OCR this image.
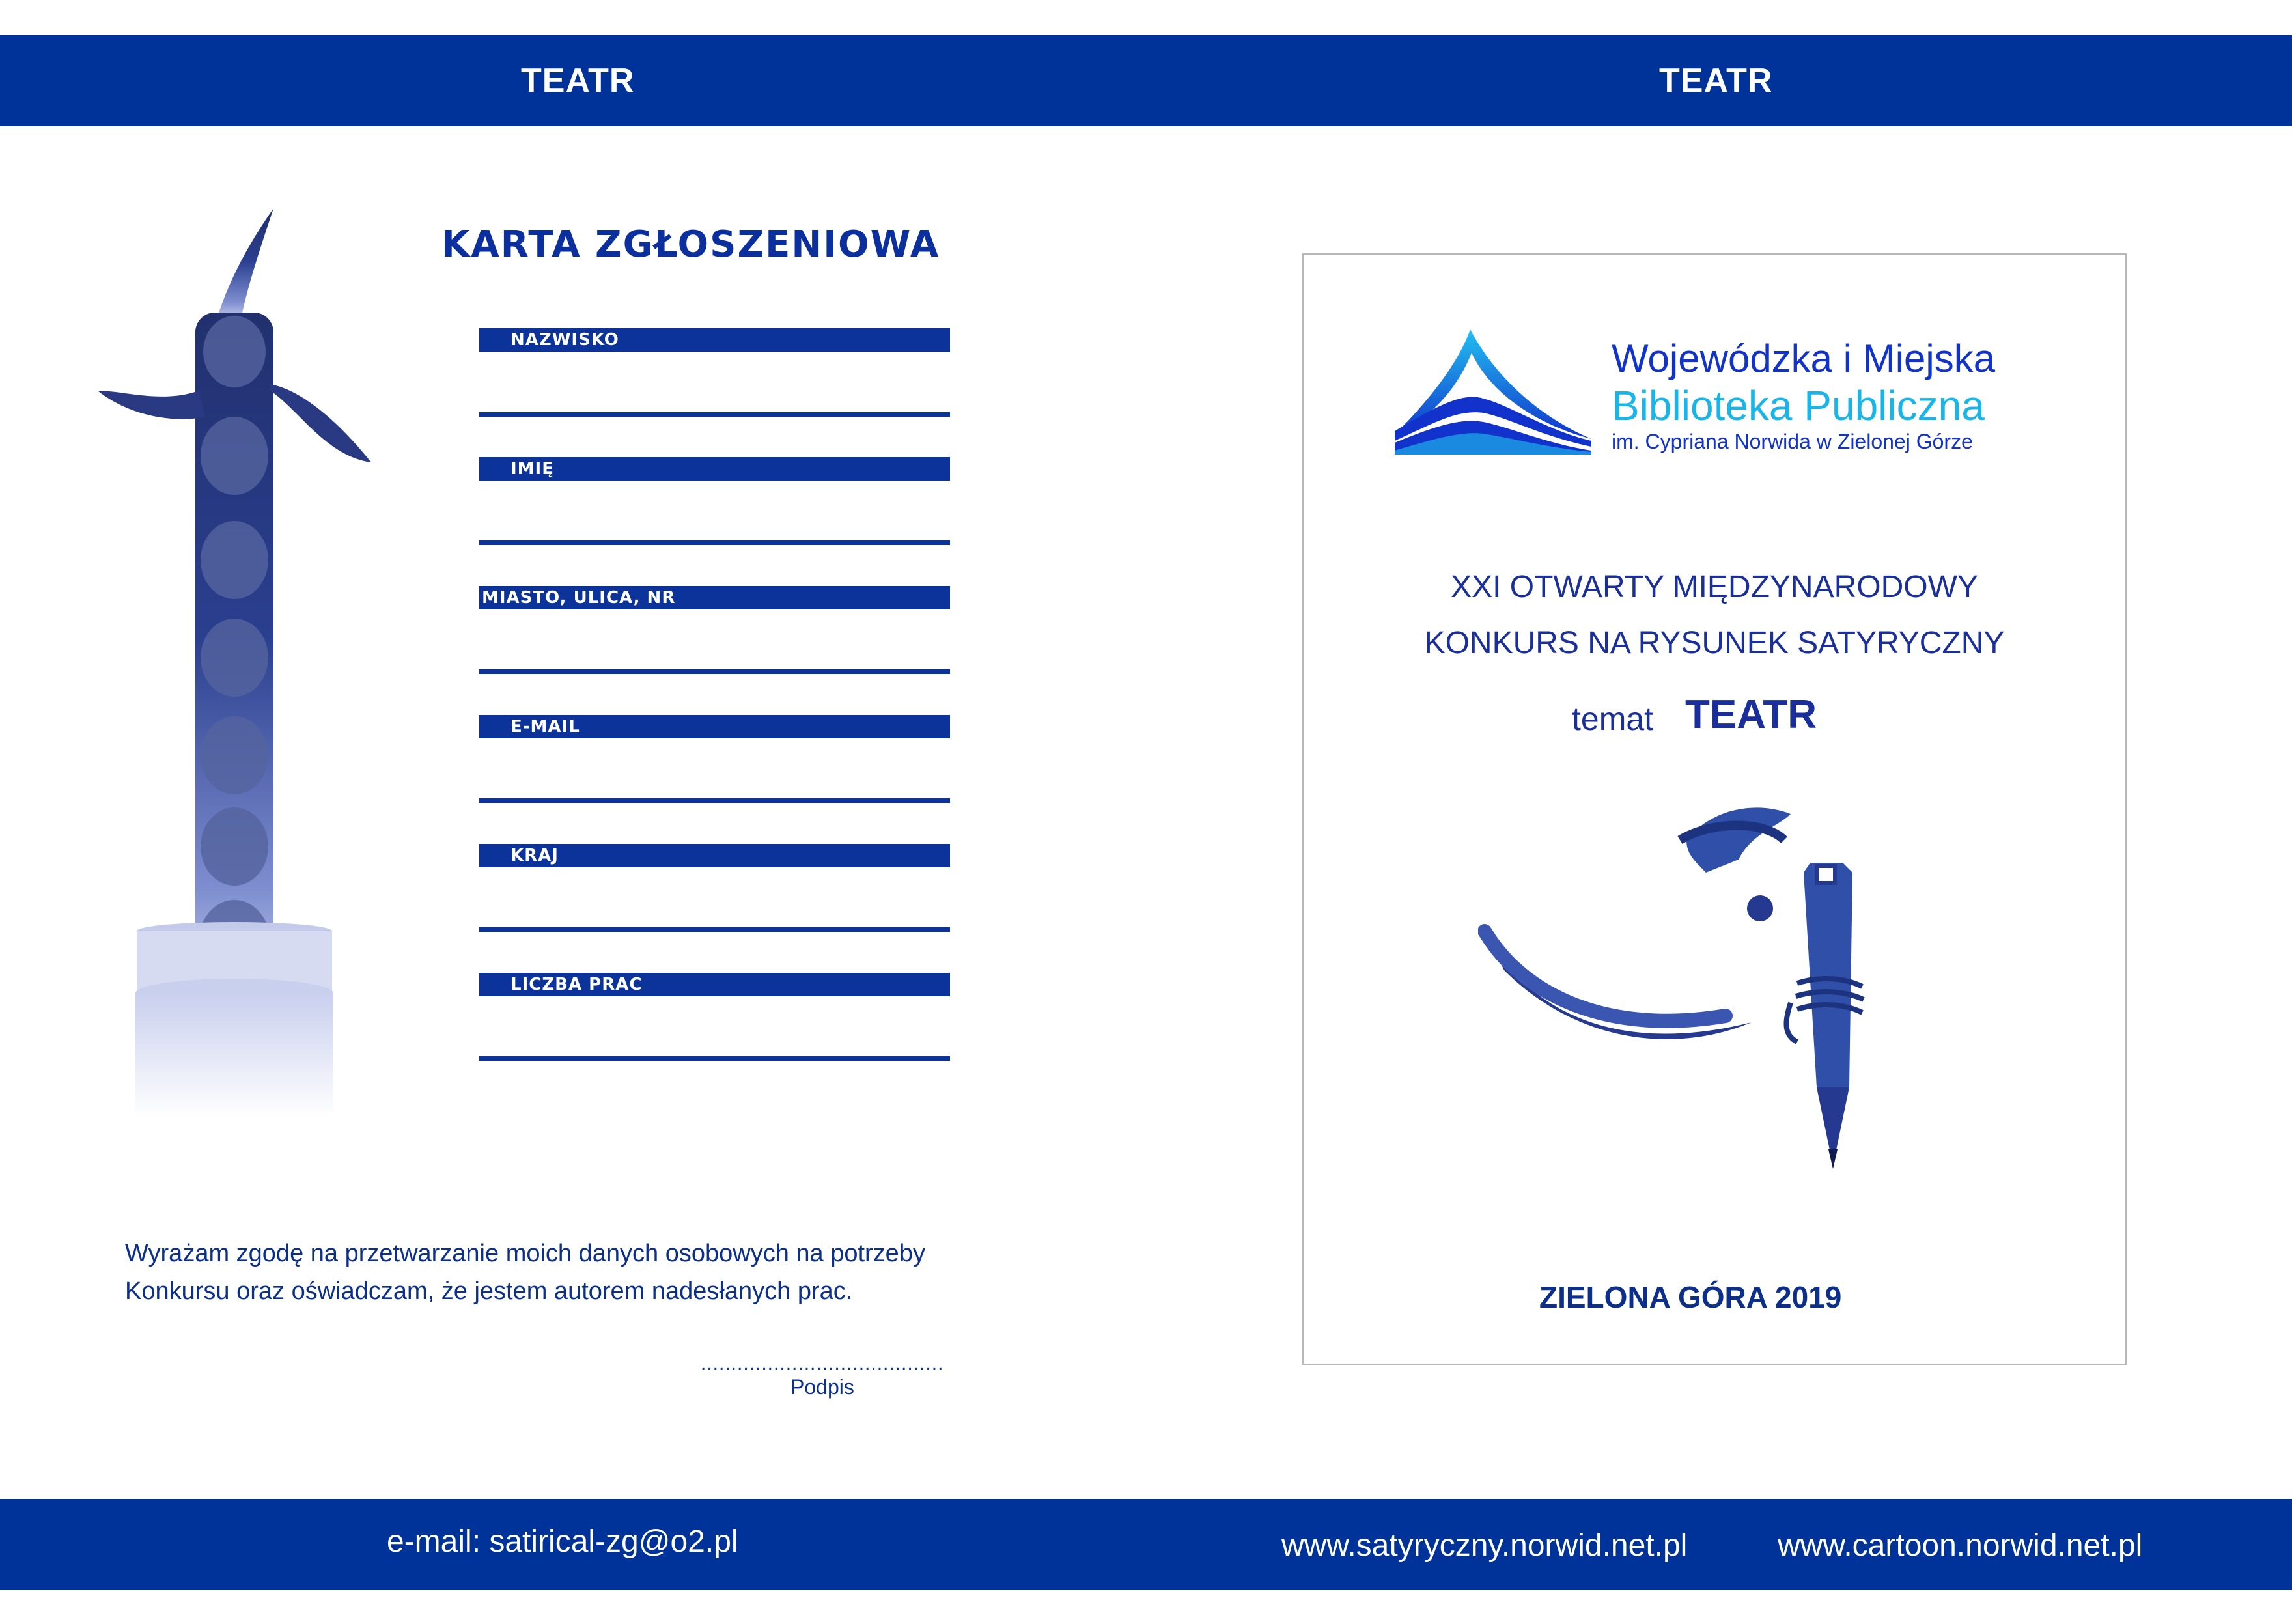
TEATR	TEATR
KARTA ZGŁOSZENIOWA
NAZWISKO
IMIĘ
MIASTO, ULICA, NR
E-MAIL
KRAJ
LICZBA PRAC
Wyrażam zgodę na przetwarzanie moich danych osobowych na potrzeby
Konkursu oraz oświadczam, że jestem autorem nadesłanych prac.
........................................
Podpis
Wojewódzka i Miejska
Biblioteka Publiczna
im. Cypriana Norwida w Zielonej Górze
XXI OTWARTY MIĘDZYNARODOWY
KONKURS NA RYSUNEK SATYRYCZNY
temat TEATR
ZIELONA GÓRA 2019
e-mail: satirical-zg@o2.pl	www.satyryczny.norwid.net.pl	www.cartoon.norwid.net.pl
